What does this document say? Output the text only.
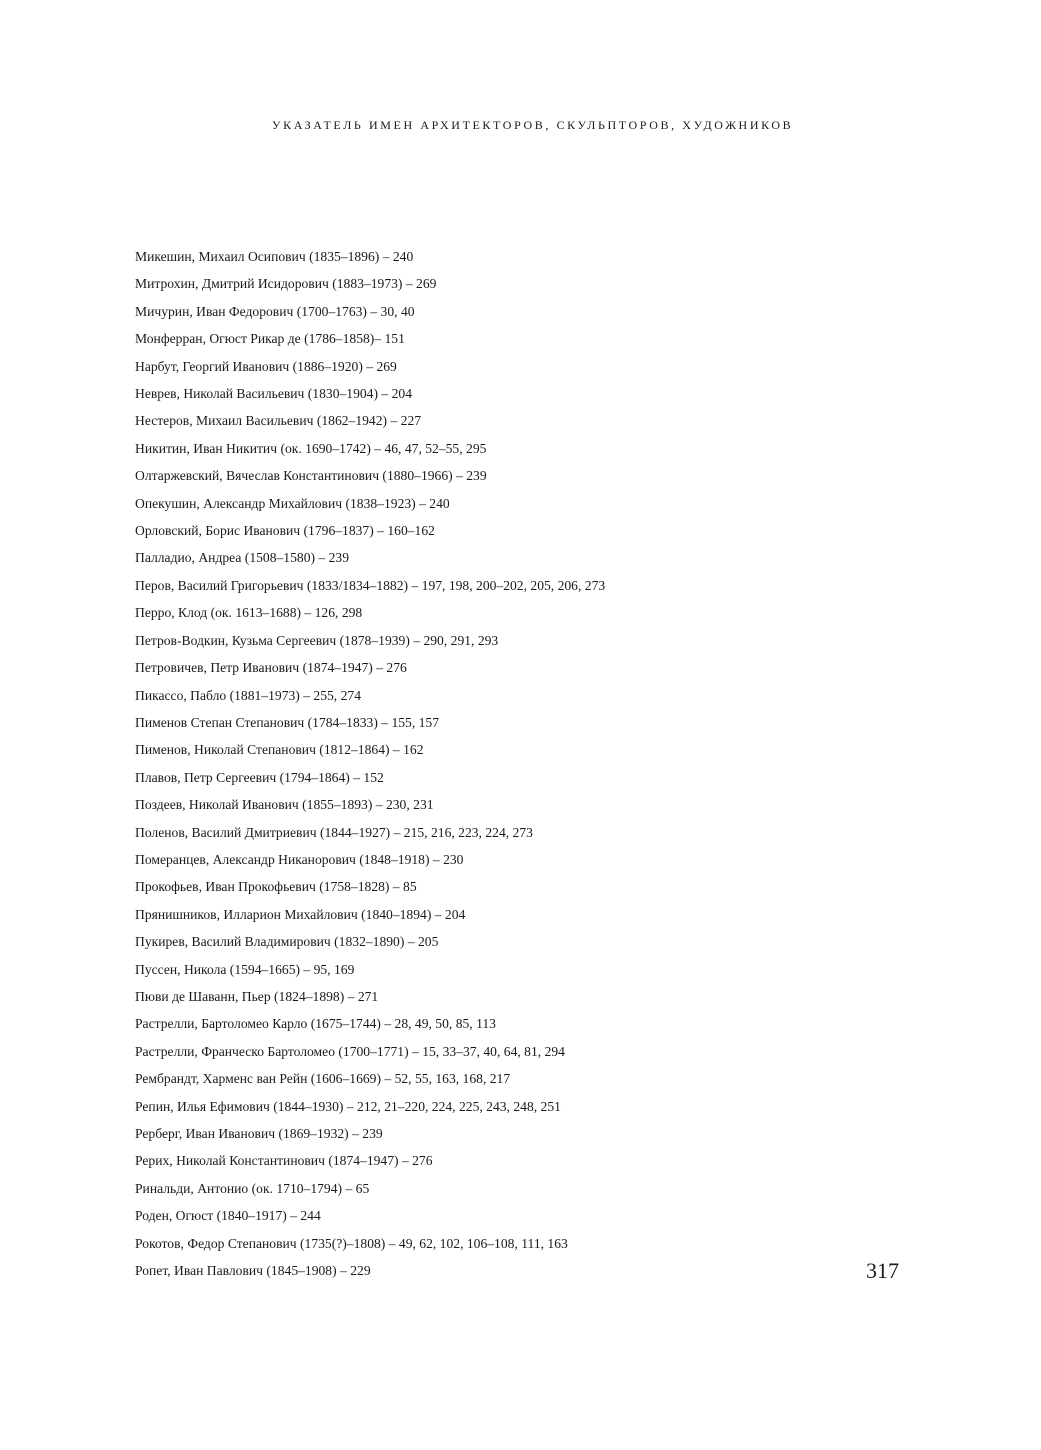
УКАЗАТЕЛЬ ИМЕН АРХИТЕКТОРОВ, СКУЛЬПТОРОВ, ХУДОЖНИКОВ
Микешин, Михаил Осипович (1835–1896) – 240
Митрохин, Дмитрий Исидорович (1883–1973) – 269
Мичурин, Иван Федорович (1700–1763) – 30, 40
Монферран, Огюст Рикар де (1786–1858)– 151
Нарбут, Георгий Иванович (1886–1920) – 269
Неврев, Николай Васильевич (1830–1904) – 204
Нестеров, Михаил Васильевич (1862–1942) – 227
Никитин, Иван Никитич (ок. 1690–1742) – 46, 47, 52–55, 295
Олтаржевский, Вячеслав Константинович (1880–1966) – 239
Опекушин, Александр Михайлович (1838–1923) – 240
Орловский, Борис Иванович (1796–1837) – 160–162
Палладио, Андреа (1508–1580) – 239
Перов, Василий Григорьевич (1833/1834–1882) – 197, 198, 200–202, 205, 206, 273
Перро, Клод (ок. 1613–1688) – 126, 298
Петров-Водкин, Кузьма Сергеевич (1878–1939) – 290, 291, 293
Петровичев, Петр Иванович (1874–1947) – 276
Пикассо, Пабло (1881–1973) – 255, 274
Пименов Степан Степанович (1784–1833) – 155, 157
Пименов, Николай Степанович (1812–1864) – 162
Плавов, Петр Сергеевич (1794–1864) – 152
Поздеев, Николай Иванович (1855–1893) – 230, 231
Поленов, Василий Дмитриевич (1844–1927) – 215, 216, 223, 224, 273
Померанцев, Александр Никанорович (1848–1918) – 230
Прокофьев, Иван Прокофьевич (1758–1828) – 85
Прянишников, Илларион Михайлович (1840–1894) – 204
Пукирев, Василий Владимирович (1832–1890) – 205
Пуссен, Никола (1594–1665) – 95, 169
Пюви де Шаванн, Пьер (1824–1898) – 271
Растрелли, Бартоломео Карло (1675–1744) – 28, 49, 50, 85, 113
Растрелли, Франческо Бартоломео (1700–1771) – 15, 33–37, 40, 64, 81, 294
Рембрандт, Харменс ван Рейн (1606–1669) – 52, 55, 163, 168, 217
Репин, Илья Ефимович (1844–1930) – 212, 21–220, 224, 225, 243, 248, 251
Рерберг, Иван Иванович (1869–1932) – 239
Рерих, Николай Константинович (1874–1947) – 276
Ринальди, Антонио (ок. 1710–1794) – 65
Роден, Огюст (1840–1917) – 244
Рокотов, Федор Степанович (1735(?)–1808) – 49, 62, 102, 106–108, 111, 163
Ропет, Иван Павлович (1845–1908) – 229	317
